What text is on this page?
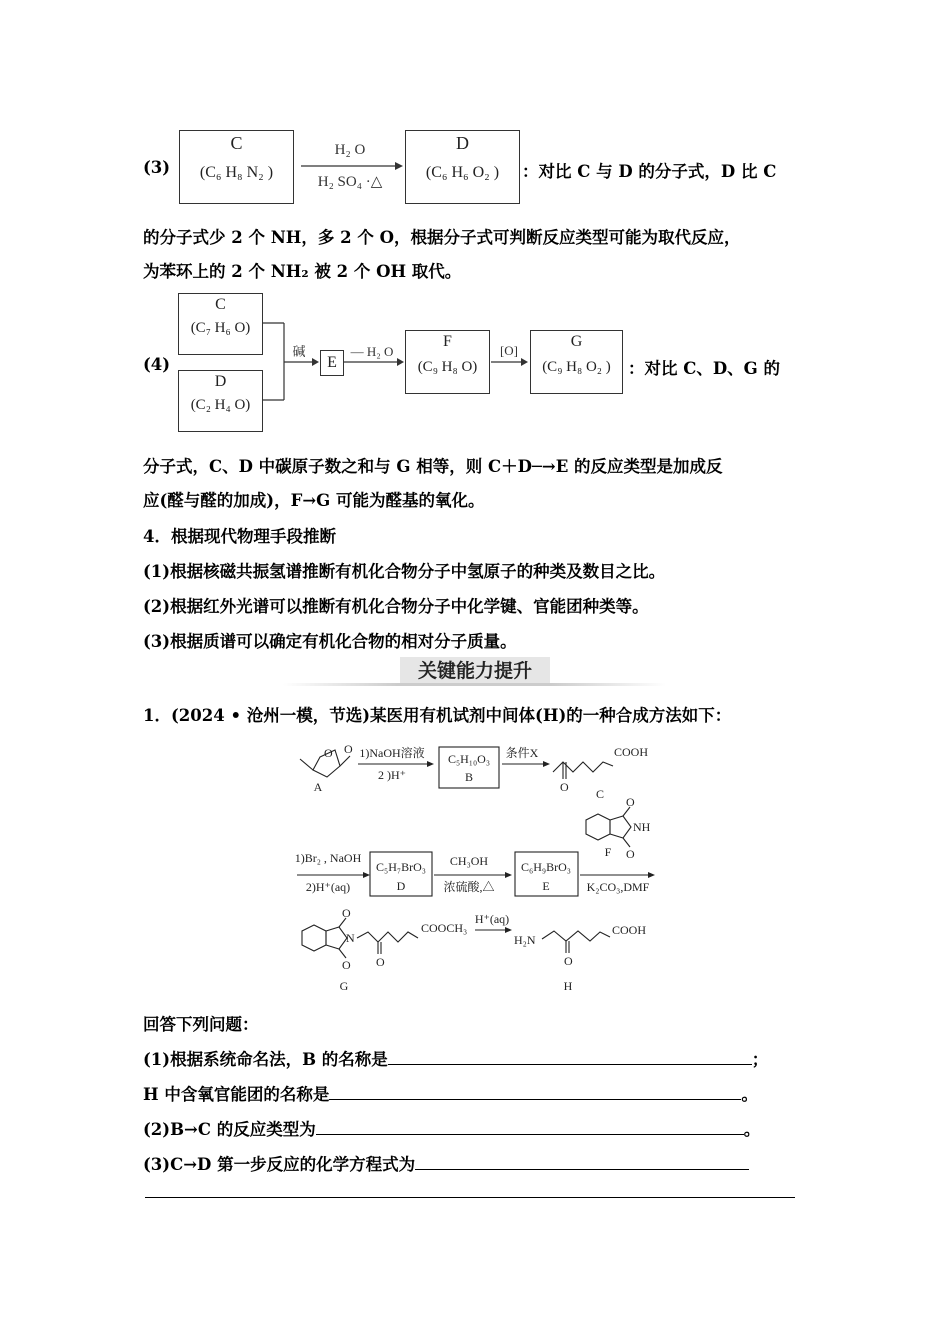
(3)
C
(C₆ H₈ N₂ )
H₂ O
H₂ SO₄ ·△
D
(C₆ H₆ O₂ )	：对比 C 与 D 的分子式，D 比 C
的分子式少 2 个 NH，多 2 个 O，根据分子式可判断反应类型可能为取代反应，
为苯环上的 2 个 NH₂ 被 2 个 OH 取代。
(4)
C
(C₇ H₆ O)
D
(C₂ H₄ O)
碱	— H₂ O
E
F
(C₉ H₈ O)
[O]
G
(C₉ H₈ O₂ )	：对比 C、D、G 的
分子式，C、D 中碳原子数之和与 G 相等，则 C＋D─→E 的反应类型是加成反
应(醛与醛的加成)，F→G 可能为醛基的氧化。
4．根据现代物理手段推断
(1)根据核磁共振氢谱推断有机化合物分子中氢原子的种类及数目之比。
(2)根据红外光谱可以推断有机化合物分子中化学键、官能团种类等。
(3)根据质谱可以确定有机化合物的相对分子质量。
关键能力提升
1．(2024 • 沧州一模，节选)某医用有机试剂中间体(H)的一种合成方法如下：
O O
A
1)NaOH溶液
2 )H⁺
C₅H₁₀O₃
B
条件X	COOH
O C
1)Br₂ , NaOH
2)H⁺(aq)
C₅H₇BrO₃
D
CH₃OH
浓硫酸,△
C₆H₉BrO₃
E
O
NH
O
F
K₂CO₃,DMF
O
N
O O
COOCH₃
G
H⁺(aq)
H₂N
COOH
O
H
回答下列问题：
(1)根据系统命名法，B 的名称是	；
H 中含氧官能团的名称是	。
(2)B→C 的反应类型为	。
(3)C→D 第一步反应的化学方程式为
